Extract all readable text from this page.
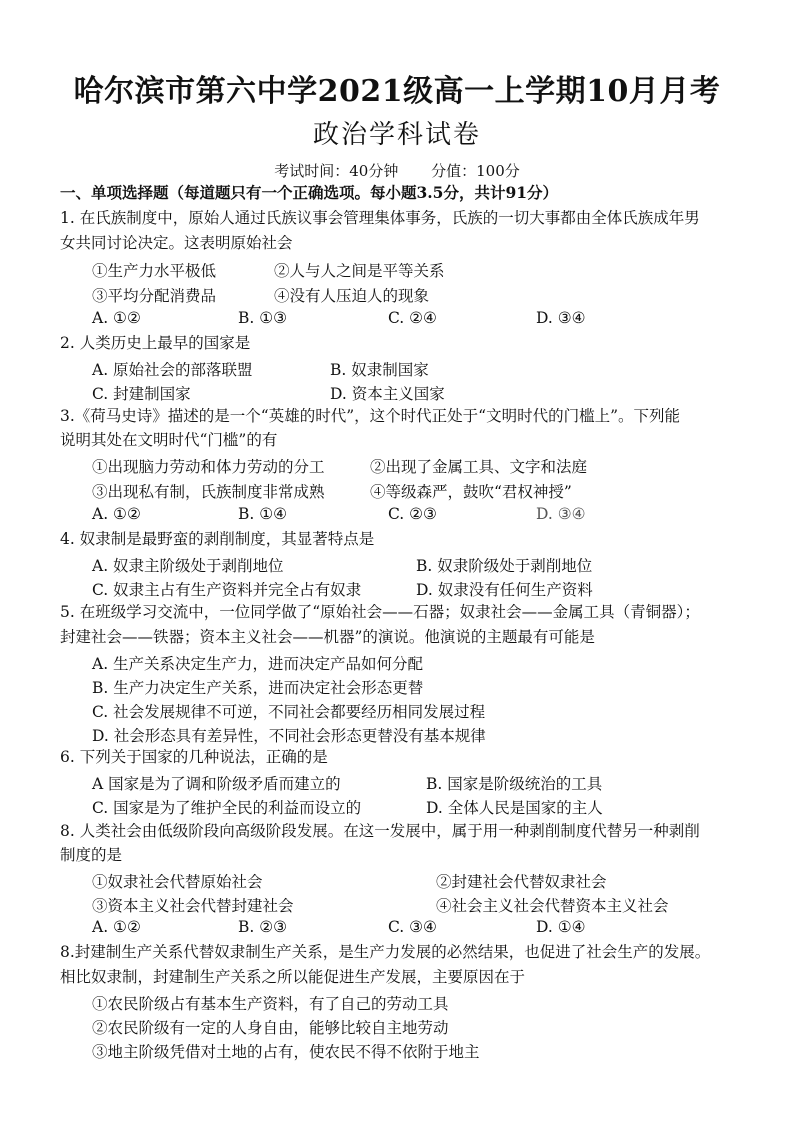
哈尔滨市第六中学2021级高一上学期10月月考
政治学科试卷
考试时间：40分钟 分值：100分
一、单项选择题（每道题只有一个正确选项。每小题3.5分，共计91分）
1. 在氏族制度中，原始人通过氏族议事会管理集体事务，氏族的一切大事都由全体氏族成年男
女共同讨论决定。这表明原始社会
①生产力水平极低	②人与人之间是平等关系
③平均分配消费品	④没有人压迫人的现象
A. ①②	B. ①③	C. ②④	D. ③④
2. 人类历史上最早的国家是
A. 原始社会的部落联盟	B. 奴隶制国家
C. 封建制国家	D. 资本主义国家
3.《荷马史诗》描述的是一个“英雄的时代”，这个时代正处于“文明时代的门槛上”。下列能
说明其处在文明时代“门槛”的有
①出现脑力劳动和体力劳动的分工	②出现了金属工具、文字和法庭
③出现私有制，氏族制度非常成熟	④等级森严，鼓吹“君权神授”
A. ①②	B. ①④	C. ②③	D. ③④
4. 奴隶制是最野蛮的剥削制度，其显著特点是
A. 奴隶主阶级处于剥削地位	B. 奴隶阶级处于剥削地位
C. 奴隶主占有生产资料并完全占有奴隶	D. 奴隶没有任何生产资料
5. 在班级学习交流中，一位同学做了“原始社会——石器；奴隶社会——金属工具（青铜器）；
封建社会——铁器；资本主义社会——机器”的演说。他演说的主题最有可能是
A. 生产关系决定生产力，进而决定产品如何分配
B. 生产力决定生产关系，进而决定社会形态更替
C. 社会发展规律不可逆，不同社会都要经历相同发展过程
D. 社会形态具有差异性，不同社会形态更替没有基本规律
6. 下列关于国家的几种说法，正确的是
A 国家是为了调和阶级矛盾而建立的	B. 国家是阶级统治的工具
C. 国家是为了维护全民的利益而设立的	D. 全体人民是国家的主人
8. 人类社会由低级阶段向高级阶段发展。在这一发展中，属于用一种剥削制度代替另一种剥削
制度的是
①奴隶社会代替原始社会	②封建社会代替奴隶社会
③资本主义社会代替封建社会	④社会主义社会代替资本主义社会
A. ①②	B. ②③	C. ③④	D. ①④
8.封建制生产关系代替奴隶制生产关系，是生产力发展的必然结果，也促进了社会生产的发展。
相比奴隶制，封建制生产关系之所以能促进生产发展，主要原因在于
①农民阶级占有基本生产资料，有了自己的劳动工具
②农民阶级有一定的人身自由，能够比较自主地劳动
③地主阶级凭借对土地的占有，使农民不得不依附于地主
